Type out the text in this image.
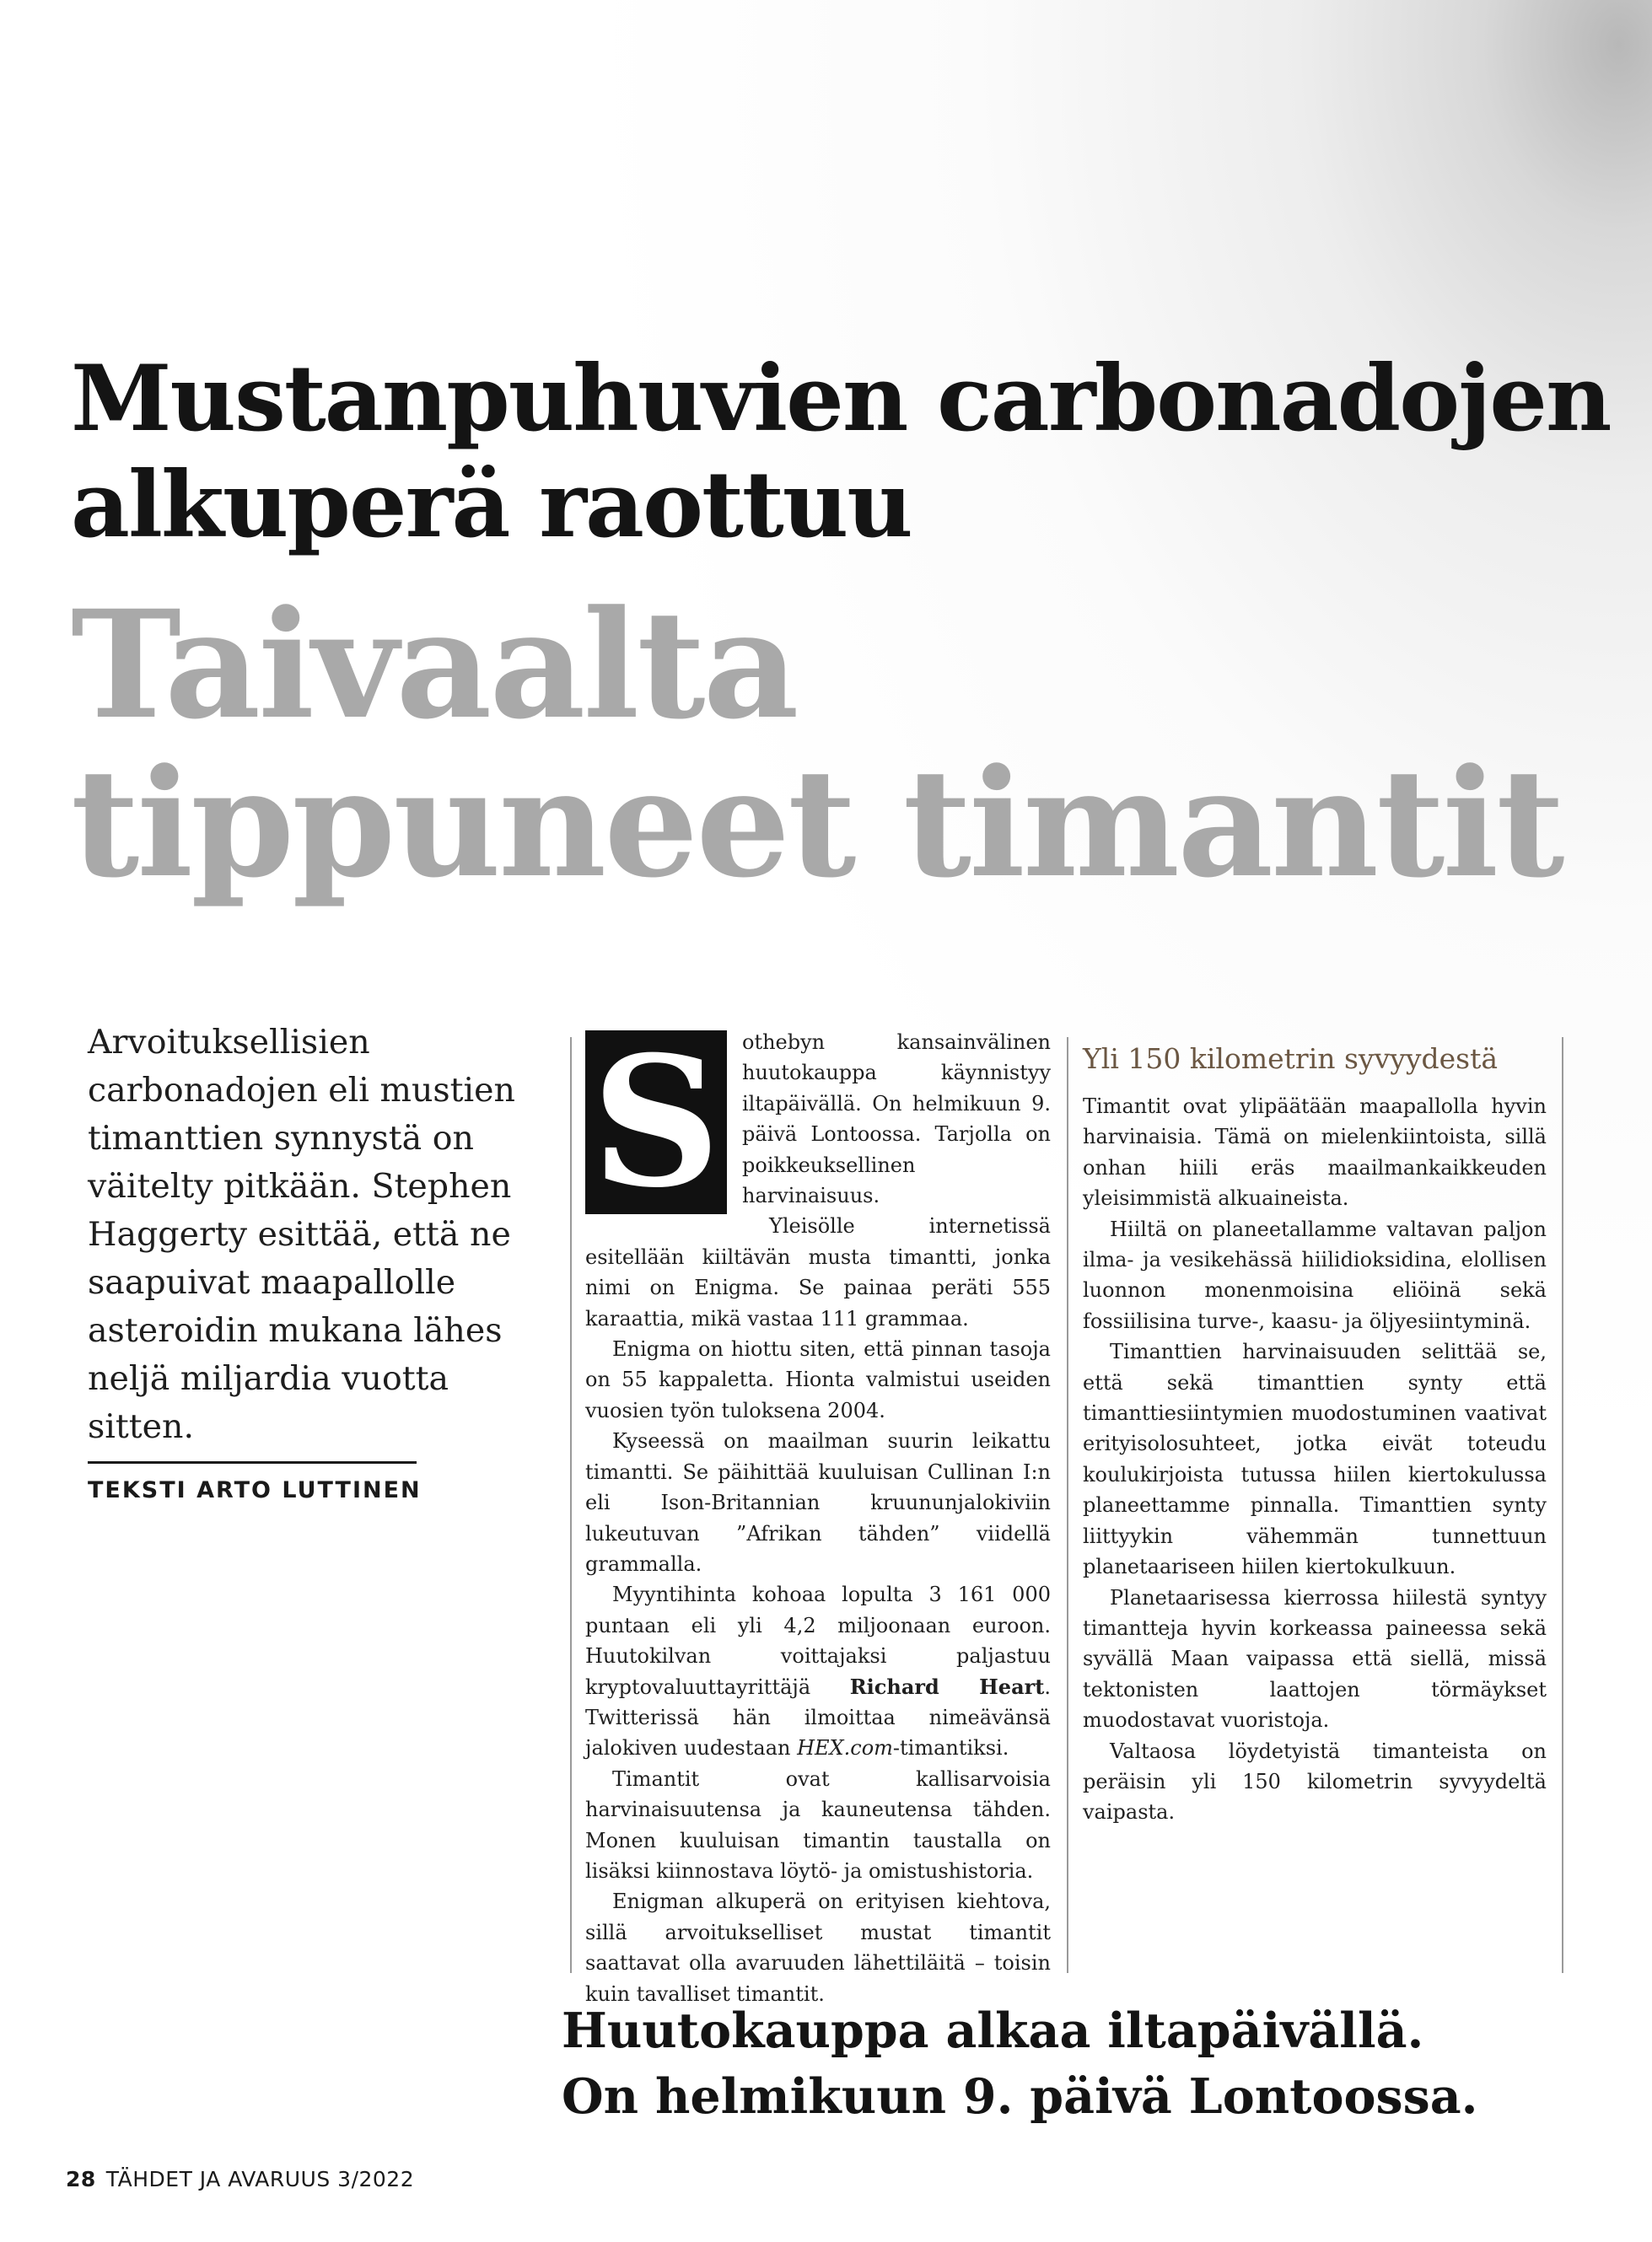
Mustanpuhuvien carbonadojen alkuperä raottuu
Taivaalta tippuneet timantit
Arvoituksellisien carbonadojen eli mustien timanttien synnystä on väitelty pitkään. Stephen Haggerty esittää, että ne saapuivat maapallolle asteroidin mukana lähes neljä miljardia vuotta sitten.
TEKSTI ARTO LUTTINEN

S	othebyn kansainvälinen huutokauppa käynnistyy iltapäivällä. On helmikuun 9. päivä Lontoossa. Tarjolla on poikkeuksellinen harvinaisuus.

Yleisölle internetissä esitellään kiiltävän musta timantti, jonka nimi on Enigma. Se painaa peräti 555 karaattia, mikä vastaa 111 grammaa.

Enigma on hiottu siten, että pinnan tasoja on 55 kappaletta. Hionta valmistui useiden vuosien työn tuloksena 2004.

Kyseessä on maailman suurin leikattu timantti. Se päihittää kuuluisan Cullinan I:n eli Ison-Britannian kruununjalokiviin lukeutuvan ”Afrikan tähden” viidellä grammalla.

Myyntihinta kohoaa lopulta 3 161 000 puntaan eli yli 4,2 miljoonaan euroon. Huutokilvan voittajaksi paljastuu kryptovaluuttayrittäjä Richard Heart. Twitterissä hän ilmoittaa nimeävänsä jalokiven uudestaan HEX.com-timantiksi.

Timantit ovat kallisarvoisia harvinaisuutensa ja kauneutensa tähden. Monen kuuluisan timantin taustalla on lisäksi kiinnostava löytö- ja omistushistoria.

Enigman alkuperä on erityisen kiehtova, sillä arvoitukselliset mustat timantit saattavat olla avaruuden lähettiläitä – toisin kuin tavalliset timantit.

Yli 150 kilometrin syvyydestä

Timantit ovat ylipäätään maapallolla hyvin harvinaisia. Tämä on mielenkiintoista, sillä onhan hiili eräs maailmankaikkeuden yleisimmistä alkuaineista.

Hiiltä on planeetallamme valtavan paljon ilma- ja vesikehässä hiilidioksidina, elollisen luonnon monenmoisina eliöinä sekä fossiilisina turve-, kaasu- ja öljyesiintyminä.

Timanttien harvinaisuuden selittää se, että sekä timanttien synty että timanttiesiintymien muodostuminen vaativat erityisolosuhteet, jotka eivät toteudu koulukirjoista tutussa hiilen kiertokulussa planeettamme pinnalla. Timanttien synty liittyykin vähemmän tunnettuun planetaariseen hiilen kiertokulkuun.

Planetaarisessa kierrossa hiilestä syntyy timantteja hyvin korkeassa paineessa sekä syvällä Maan vaipassa että siellä, missä tektonisten laattojen törmäykset muodostavat vuoristoja.

Valtaosa löydetyistä timanteista on peräisin yli 150 kilometrin syvyydeltä vaipasta.

Huutokauppa alkaa iltapäivällä.
On helmikuun 9. päivä Lontoossa.
28 TÄHDET JA AVARUUS 3/2022
